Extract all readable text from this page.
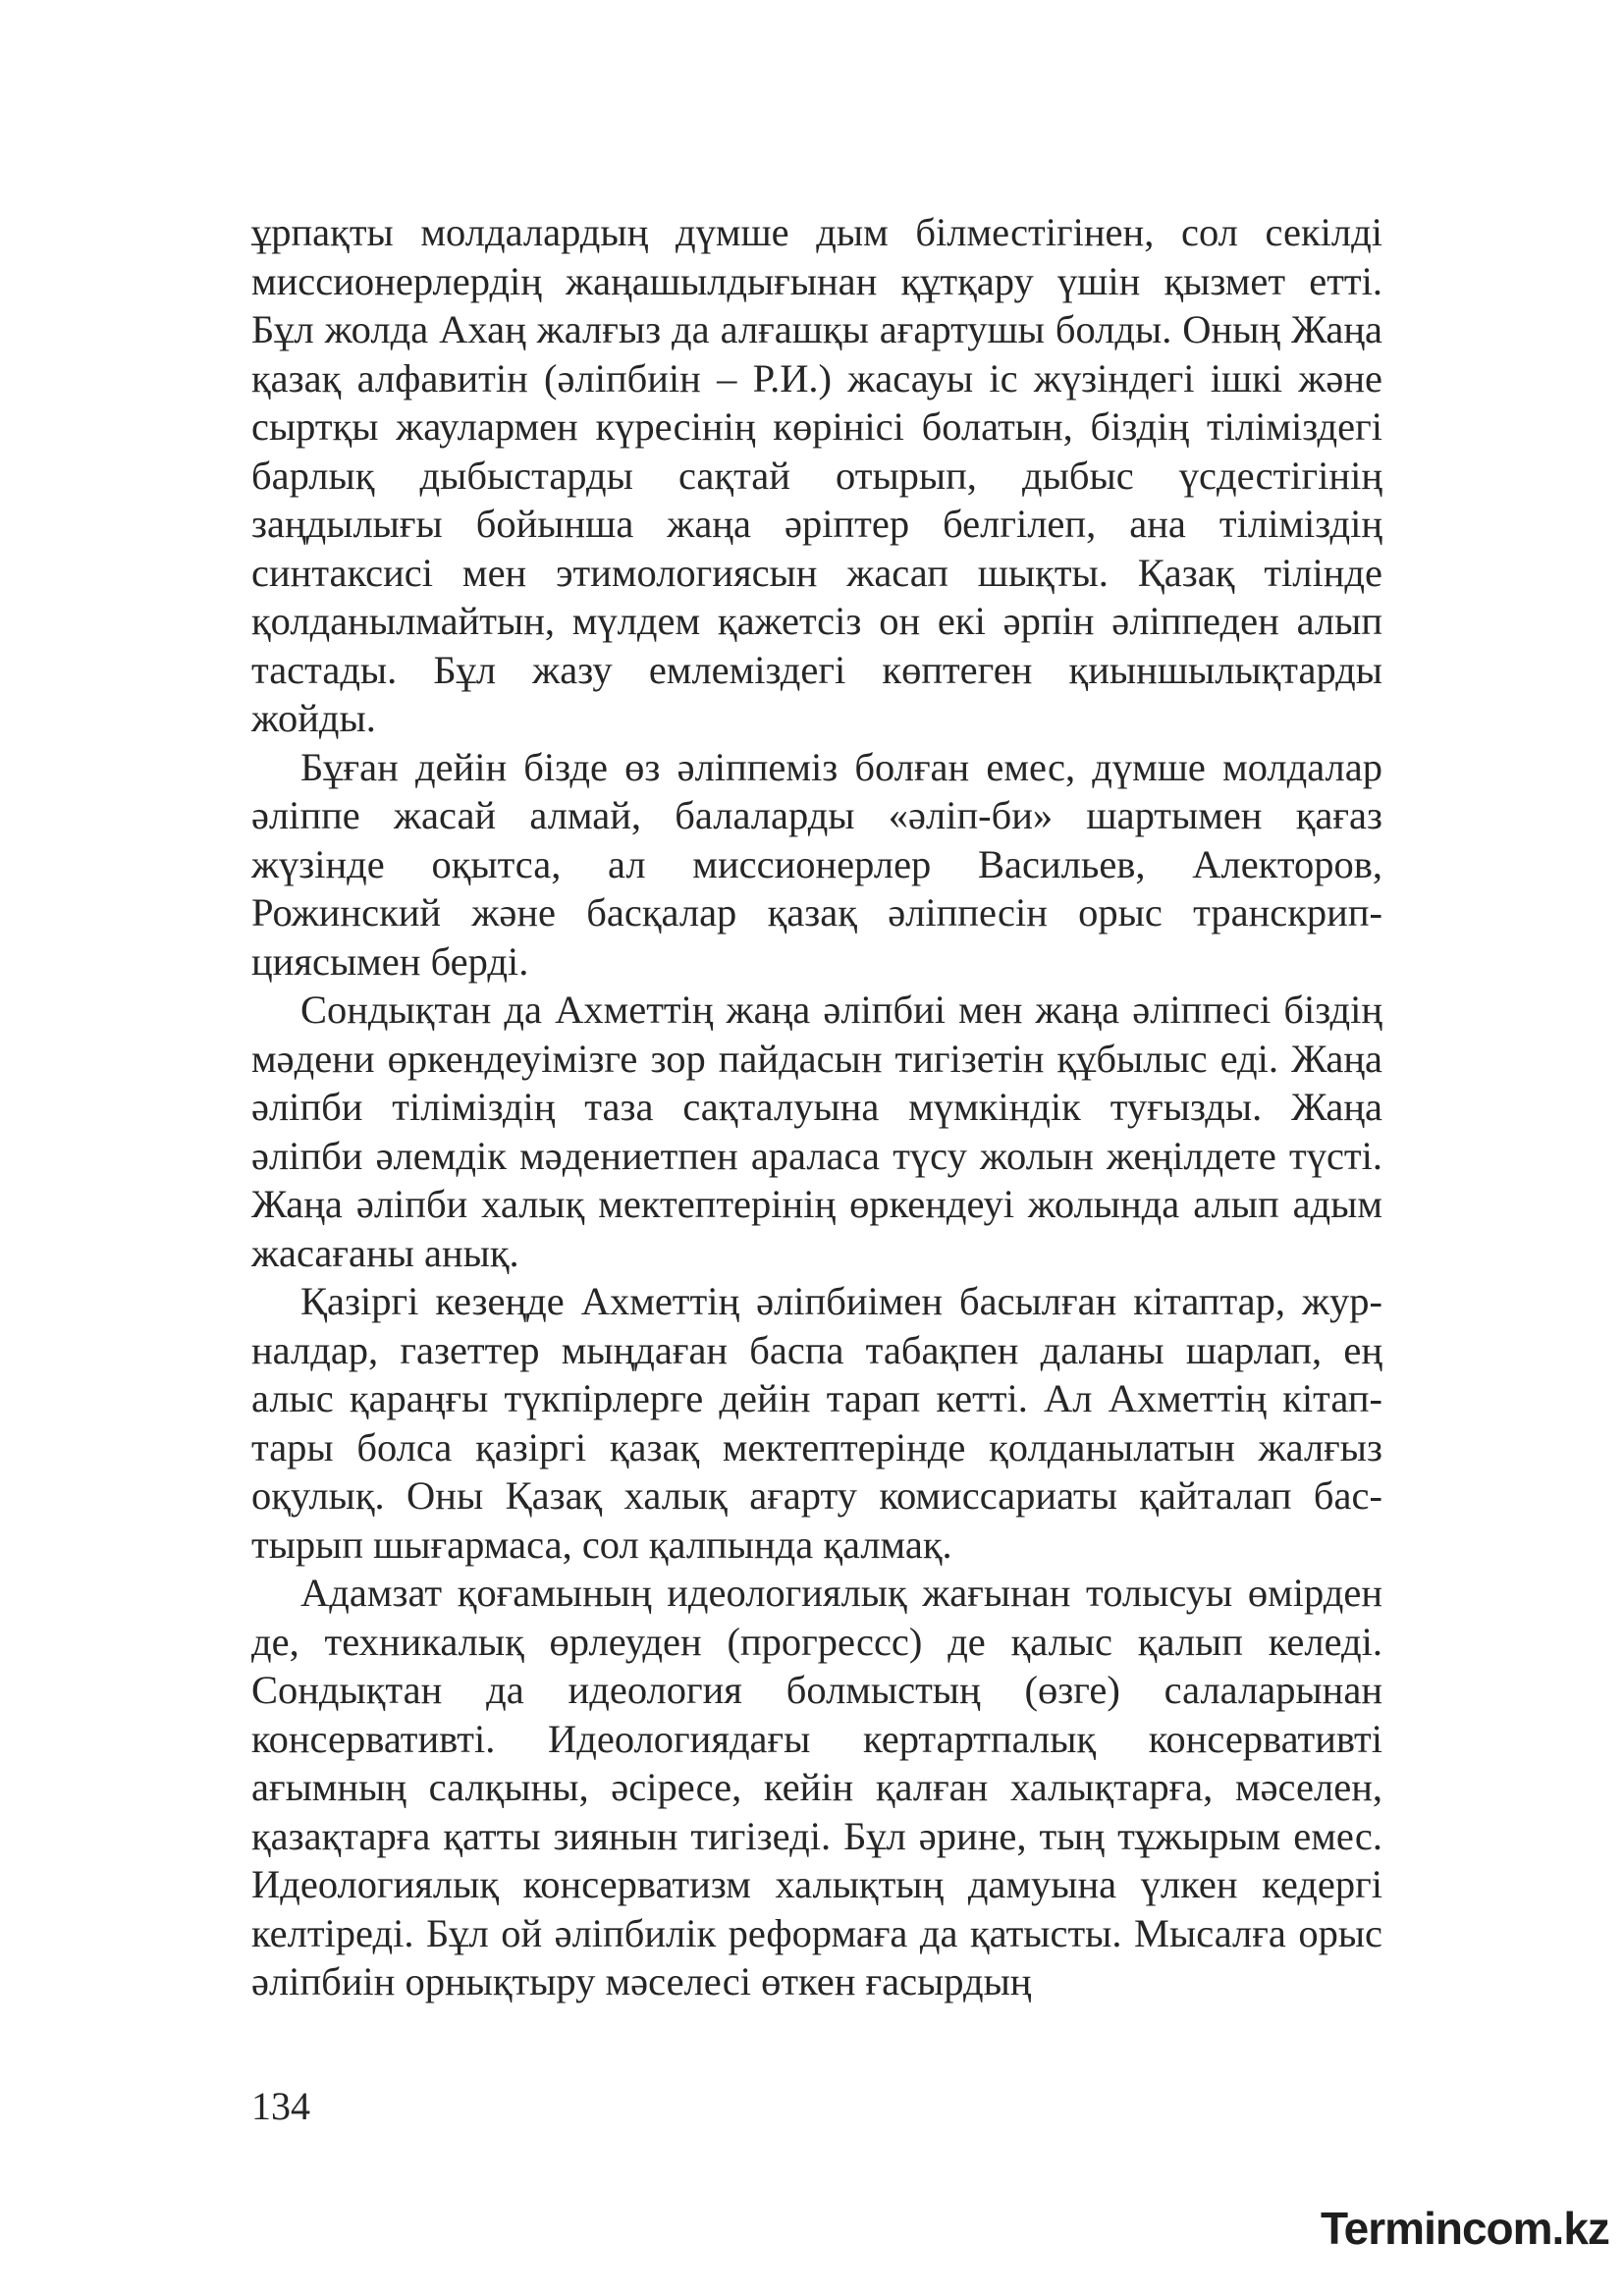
ұрпақты молдалардың дүмше дым білместігінен, сол секілді миссионерлердің жаңашылдығынан құтқару үшін қызмет етті. Бұл жолда Ахаң жалғыз да алғашқы ағартушы болды. Оның Жаңа қазақ алфавитін (әліпбиін – Р.И.) жасауы іс жүзіндегі ішкі және сыртқы жаулармен күресінің көрінісі болатын, біздің тіліміздегі барлық дыбыстарды сақтай отырып, дыбыс үсдестігінің заңдылығы бойынша жаңа әріптер белгілеп, ана тіліміздің синтаксисі мен этимологиясын жасап шықты. Қазақ тілінде қолданылмайтын, мүлдем қажетсіз он екі әрпін әліппеден алып тастады. Бұл жазу емлеміздегі көптеген қиыншылықтарды жойды.

Бұған дейін бізде өз әліппеміз болған емес, дүмше молдалар әліппе жасай алмай, балаларды «әліп-би» шартымен қағаз жүзінде оқытса, ал миссионерлер Васильев, Алекторов, Рожинский және басқалар қазақ әліппесін орыс транскрипциясымен берді.

Сондықтан да Ахметтің жаңа әліпбиі мен жаңа әліппесі біздің мәдени өркендеуімізге зор пайдасын тигізетін құбылыс еді. Жаңа әліпби тіліміздің таза сақталуына мүмкіндік туғызды. Жаңа әліпби әлемдік мәдениетпен араласа түсу жолын жеңілдете түсті. Жаңа әліпби халық мектептерінің өркендеуі жолында алып адым жасағаны анық.

Қазіргі кезеңде Ахметтің әліпбиімен басылған кітаптар, журналдар, газеттер мыңдаған баспа табақпен даланы шарлап, ең алыс қараңғы түкпірлерге дейін тарап кетті. Ал Ахметтің кітаптары болса қазіргі қазақ мектептерінде қолданылатын жалғыз оқулық. Оны Қазақ халық ағарту комиссариаты қайталап бастырып шығармаса, сол қалпында қалмақ.

Адамзат қоғамының идеологиялық жағынан толысуы өмірден де, техникалық өрлеуден (прогрессс) де қалыс қалып келеді. Сондықтан да идеология болмыстың (өзге) салаларынан консервативті. Идеологиядағы кертартпалық консервативті ағымның салқыны, әсіресе, кейін қалған халықтарға, мәселен, қазақтарға қатты зиянын тигізеді. Бұл әрине, тың тұжырым емес. Идеологиялық консерватизм халықтың дамуына үлкен кедергі келтіреді. Бұл ой әліпбилік реформаға да қатысты. Мысалға орыс әліпбиін орнықтыру мәселесі өткен ғасырдың

134
Termincom.kz
